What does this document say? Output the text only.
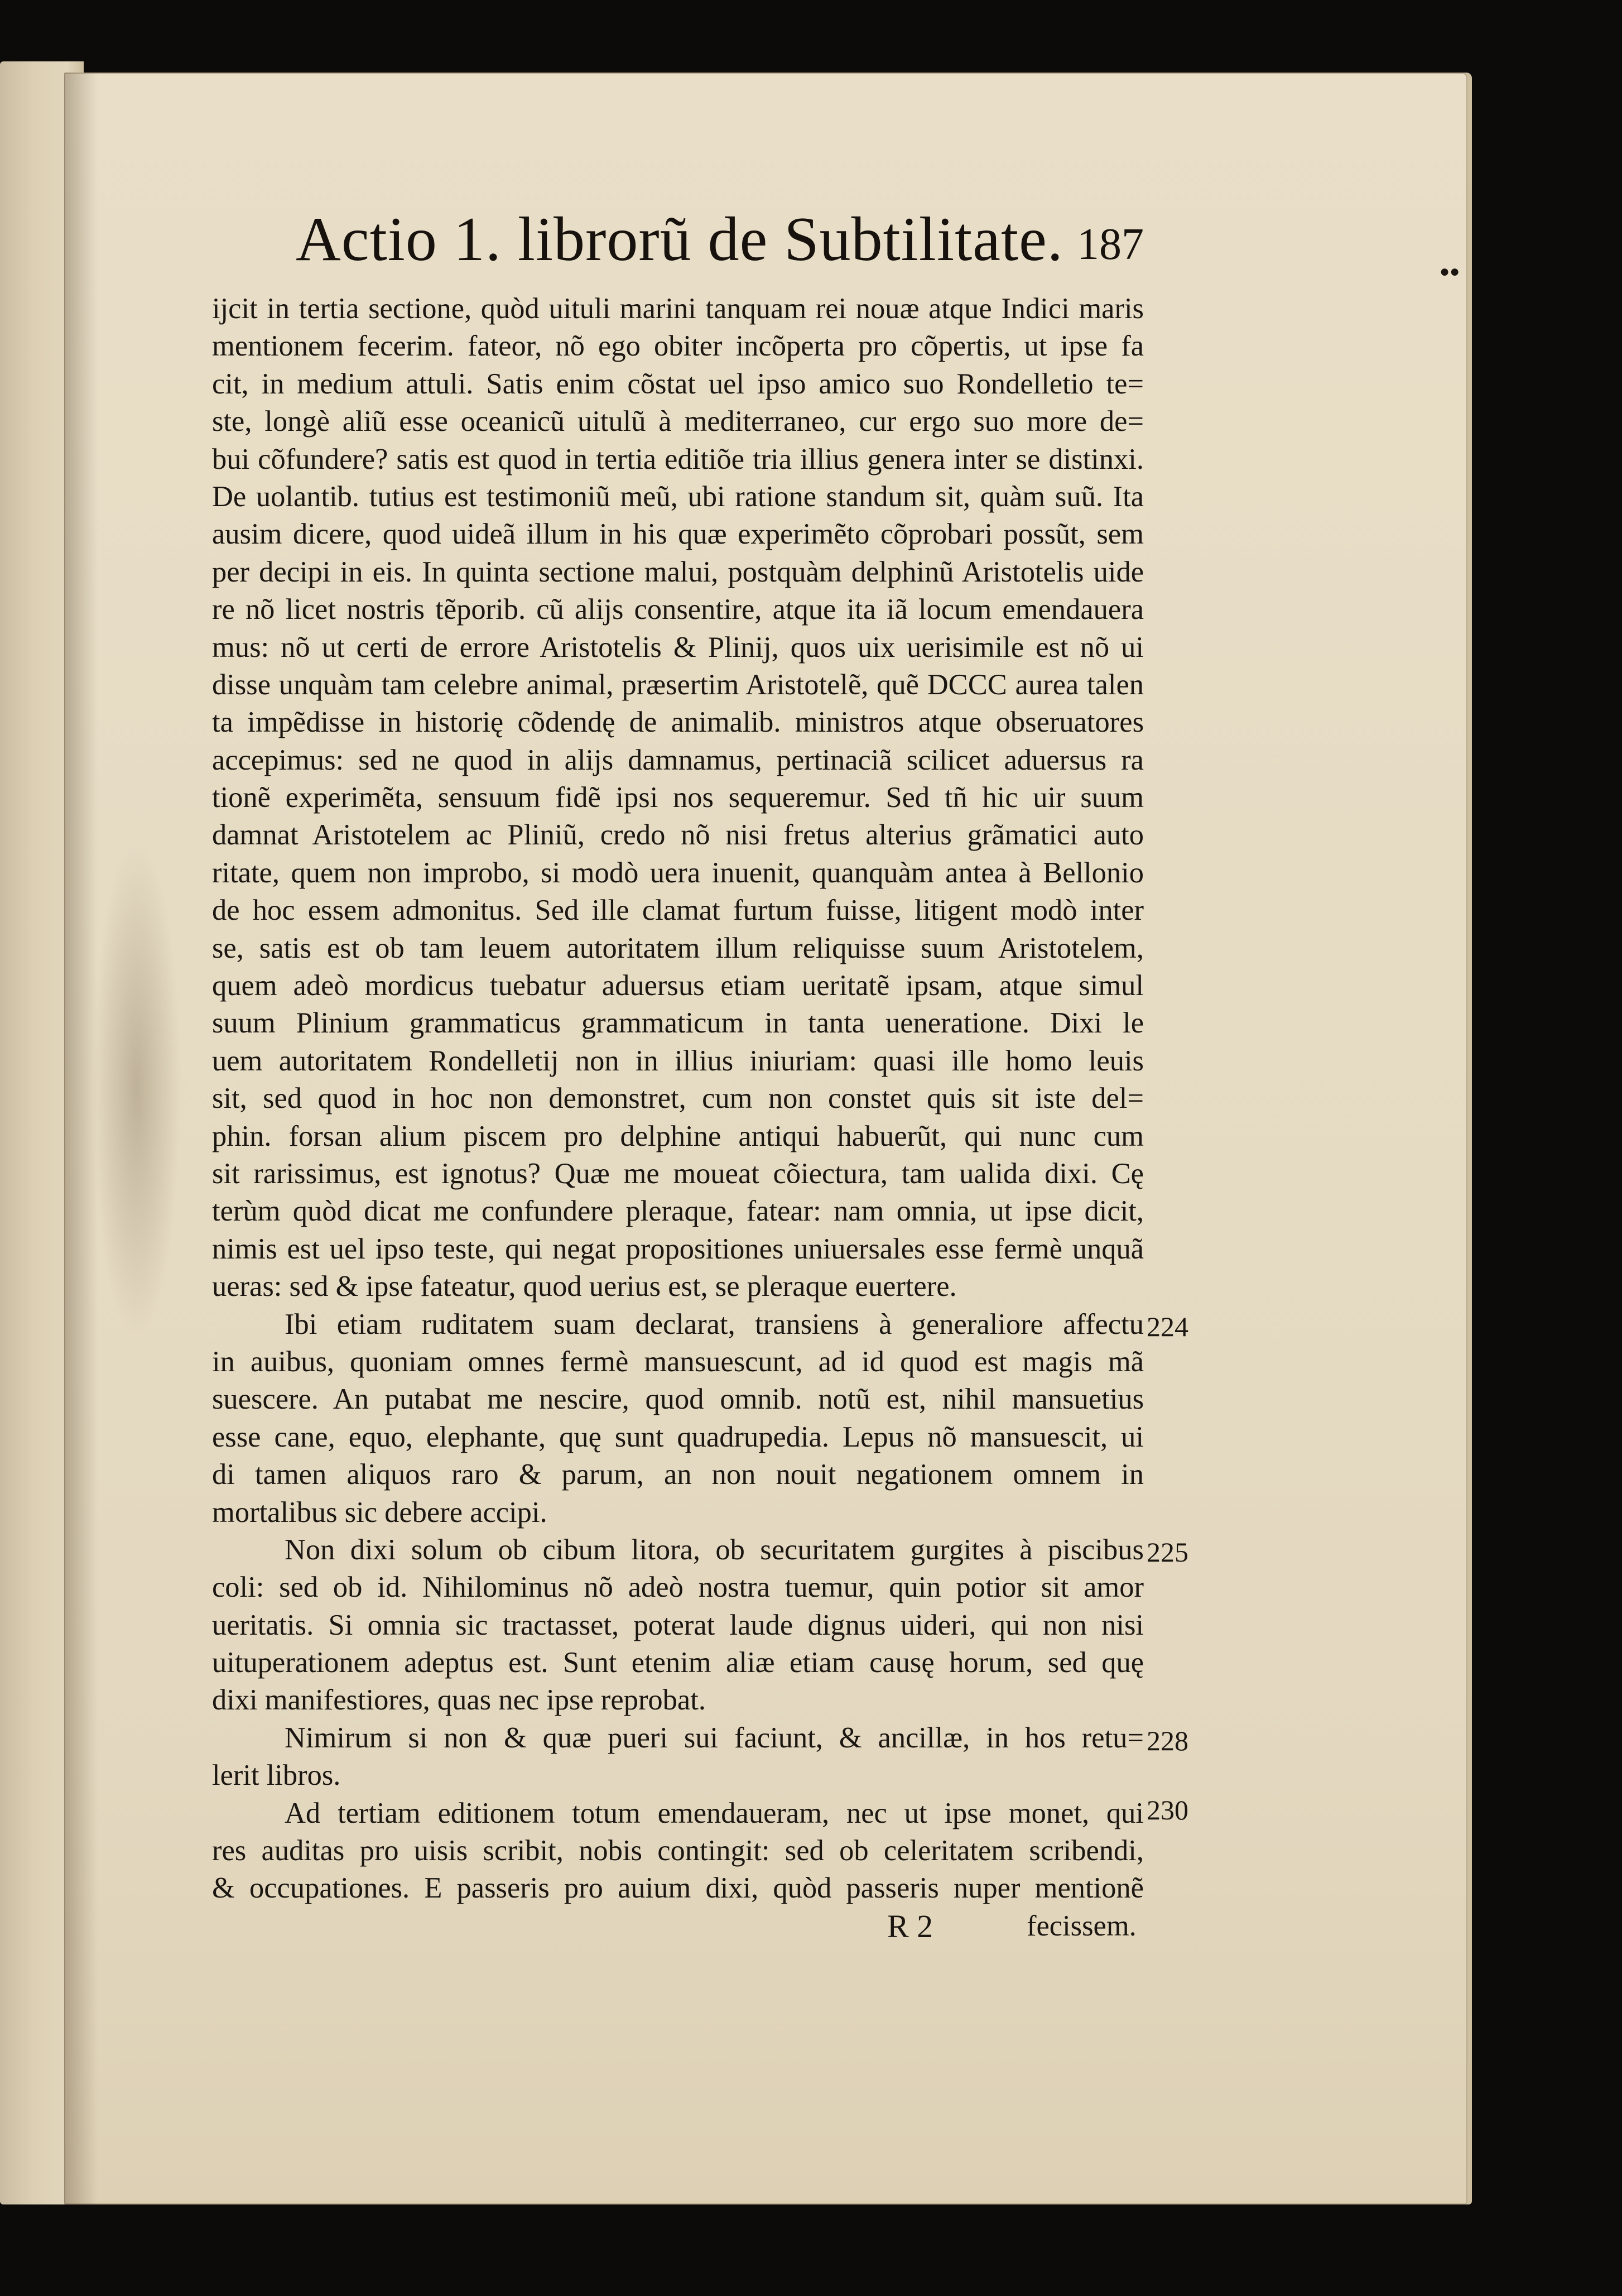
●●
Actio 1. librorũ de Subtilitate. 187
ijcit in tertia sectione, quòd uituli marini tanquam rei nouæ atque Indici maris
mentionem fecerim. fateor, nõ ego obiter incõperta pro cõpertis, ut ipse fa
cit, in medium attuli. Satis enim cõstat uel ipso amico suo Rondelletio te=
ste, longè aliũ esse oceanicũ uitulũ à mediterraneo, cur ergo suo more de=
bui cõfundere? satis est quod in tertia editiõe tria illius genera inter se distinxi.
De uolantib. tutius est testimoniũ meũ, ubi ratione standum sit, quàm suũ. Ita
ausim dicere, quod uideã illum in his quæ experimẽto cõprobari possũt, sem
per decipi in eis. In quinta sectione malui, postquàm delphinũ Aristotelis uide
re nõ licet nostris tẽporib. cũ alijs consentire, atque ita iã locum emendauera
mus: nõ ut certi de errore Aristotelis & Plinij, quos uix uerisimile est nõ ui
disse unquàm tam celebre animal, præsertim Aristotelẽ, quẽ DCCC aurea talen
ta impẽdisse in historię cõdendę de animalib. ministros atque obseruatores
accepimus: sed ne quod in alijs damnamus, pertinaciã scilicet aduersus ra
tionẽ experimẽta, sensuum fidẽ ipsi nos sequeremur. Sed tñ hic uir suum
damnat Aristotelem ac Pliniũ, credo nõ nisi fretus alterius grãmatici auto
ritate, quem non improbo, si modò uera inuenit, quanquàm antea à Bellonio
de hoc essem admonitus. Sed ille clamat furtum fuisse, litigent modò inter
se, satis est ob tam leuem autoritatem illum reliquisse suum Aristotelem,
quem adeò mordicus tuebatur aduersus etiam ueritatẽ ipsam, atque simul
suum Plinium grammaticus grammaticum in tanta ueneratione. Dixi le
uem autoritatem Rondelletij non in illius iniuriam: quasi ille homo leuis
sit, sed quod in hoc non demonstret, cum non constet quis sit iste del=
phin. forsan alium piscem pro delphine antiqui habuerũt, qui nunc cum
sit rarissimus, est ignotus? Quæ me moueat cõiectura, tam ualida dixi. Cę
terùm quòd dicat me confundere pleraque, fatear: nam omnia, ut ipse dicit,
nimis est uel ipso teste, qui negat propositiones uniuersales esse fermè unquã
ueras: sed & ipse fateatur, quod uerius est, se pleraque euertere.
Ibi etiam ruditatem suam declarat, transiens à generaliore affectu
in auibus, quoniam omnes fermè mansuescunt, ad id quod est magis mã
suescere. An putabat me nescire, quod omnib. notũ est, nihil mansuetius
esse cane, equo, elephante, quę sunt quadrupedia. Lepus nõ mansuescit, ui
di tamen aliquos raro & parum, an non nouit negationem omnem in
mortalibus sic debere accipi.
Non dixi solum ob cibum litora, ob securitatem gurgites à piscibus
coli: sed ob id. Nihilominus nõ adeò nostra tuemur, quin potior sit amor
ueritatis. Si omnia sic tractasset, poterat laude dignus uideri, qui non nisi
uituperationem adeptus est. Sunt etenim aliæ etiam causę horum, sed quę
dixi manifestiores, quas nec ipse reprobat.
Nimirum si non & quæ pueri sui faciunt, & ancillæ, in hos retu=
lerit libros.
Ad tertiam editionem totum emendaueram, nec ut ipse monet, qui
res auditas pro uisis scribit, nobis contingit: sed ob celeritatem scribendi,
& occupationes. E passeris pro auium dixi, quòd passeris nuper mentionẽ
R 2	fecissem.
224
225
228
230
